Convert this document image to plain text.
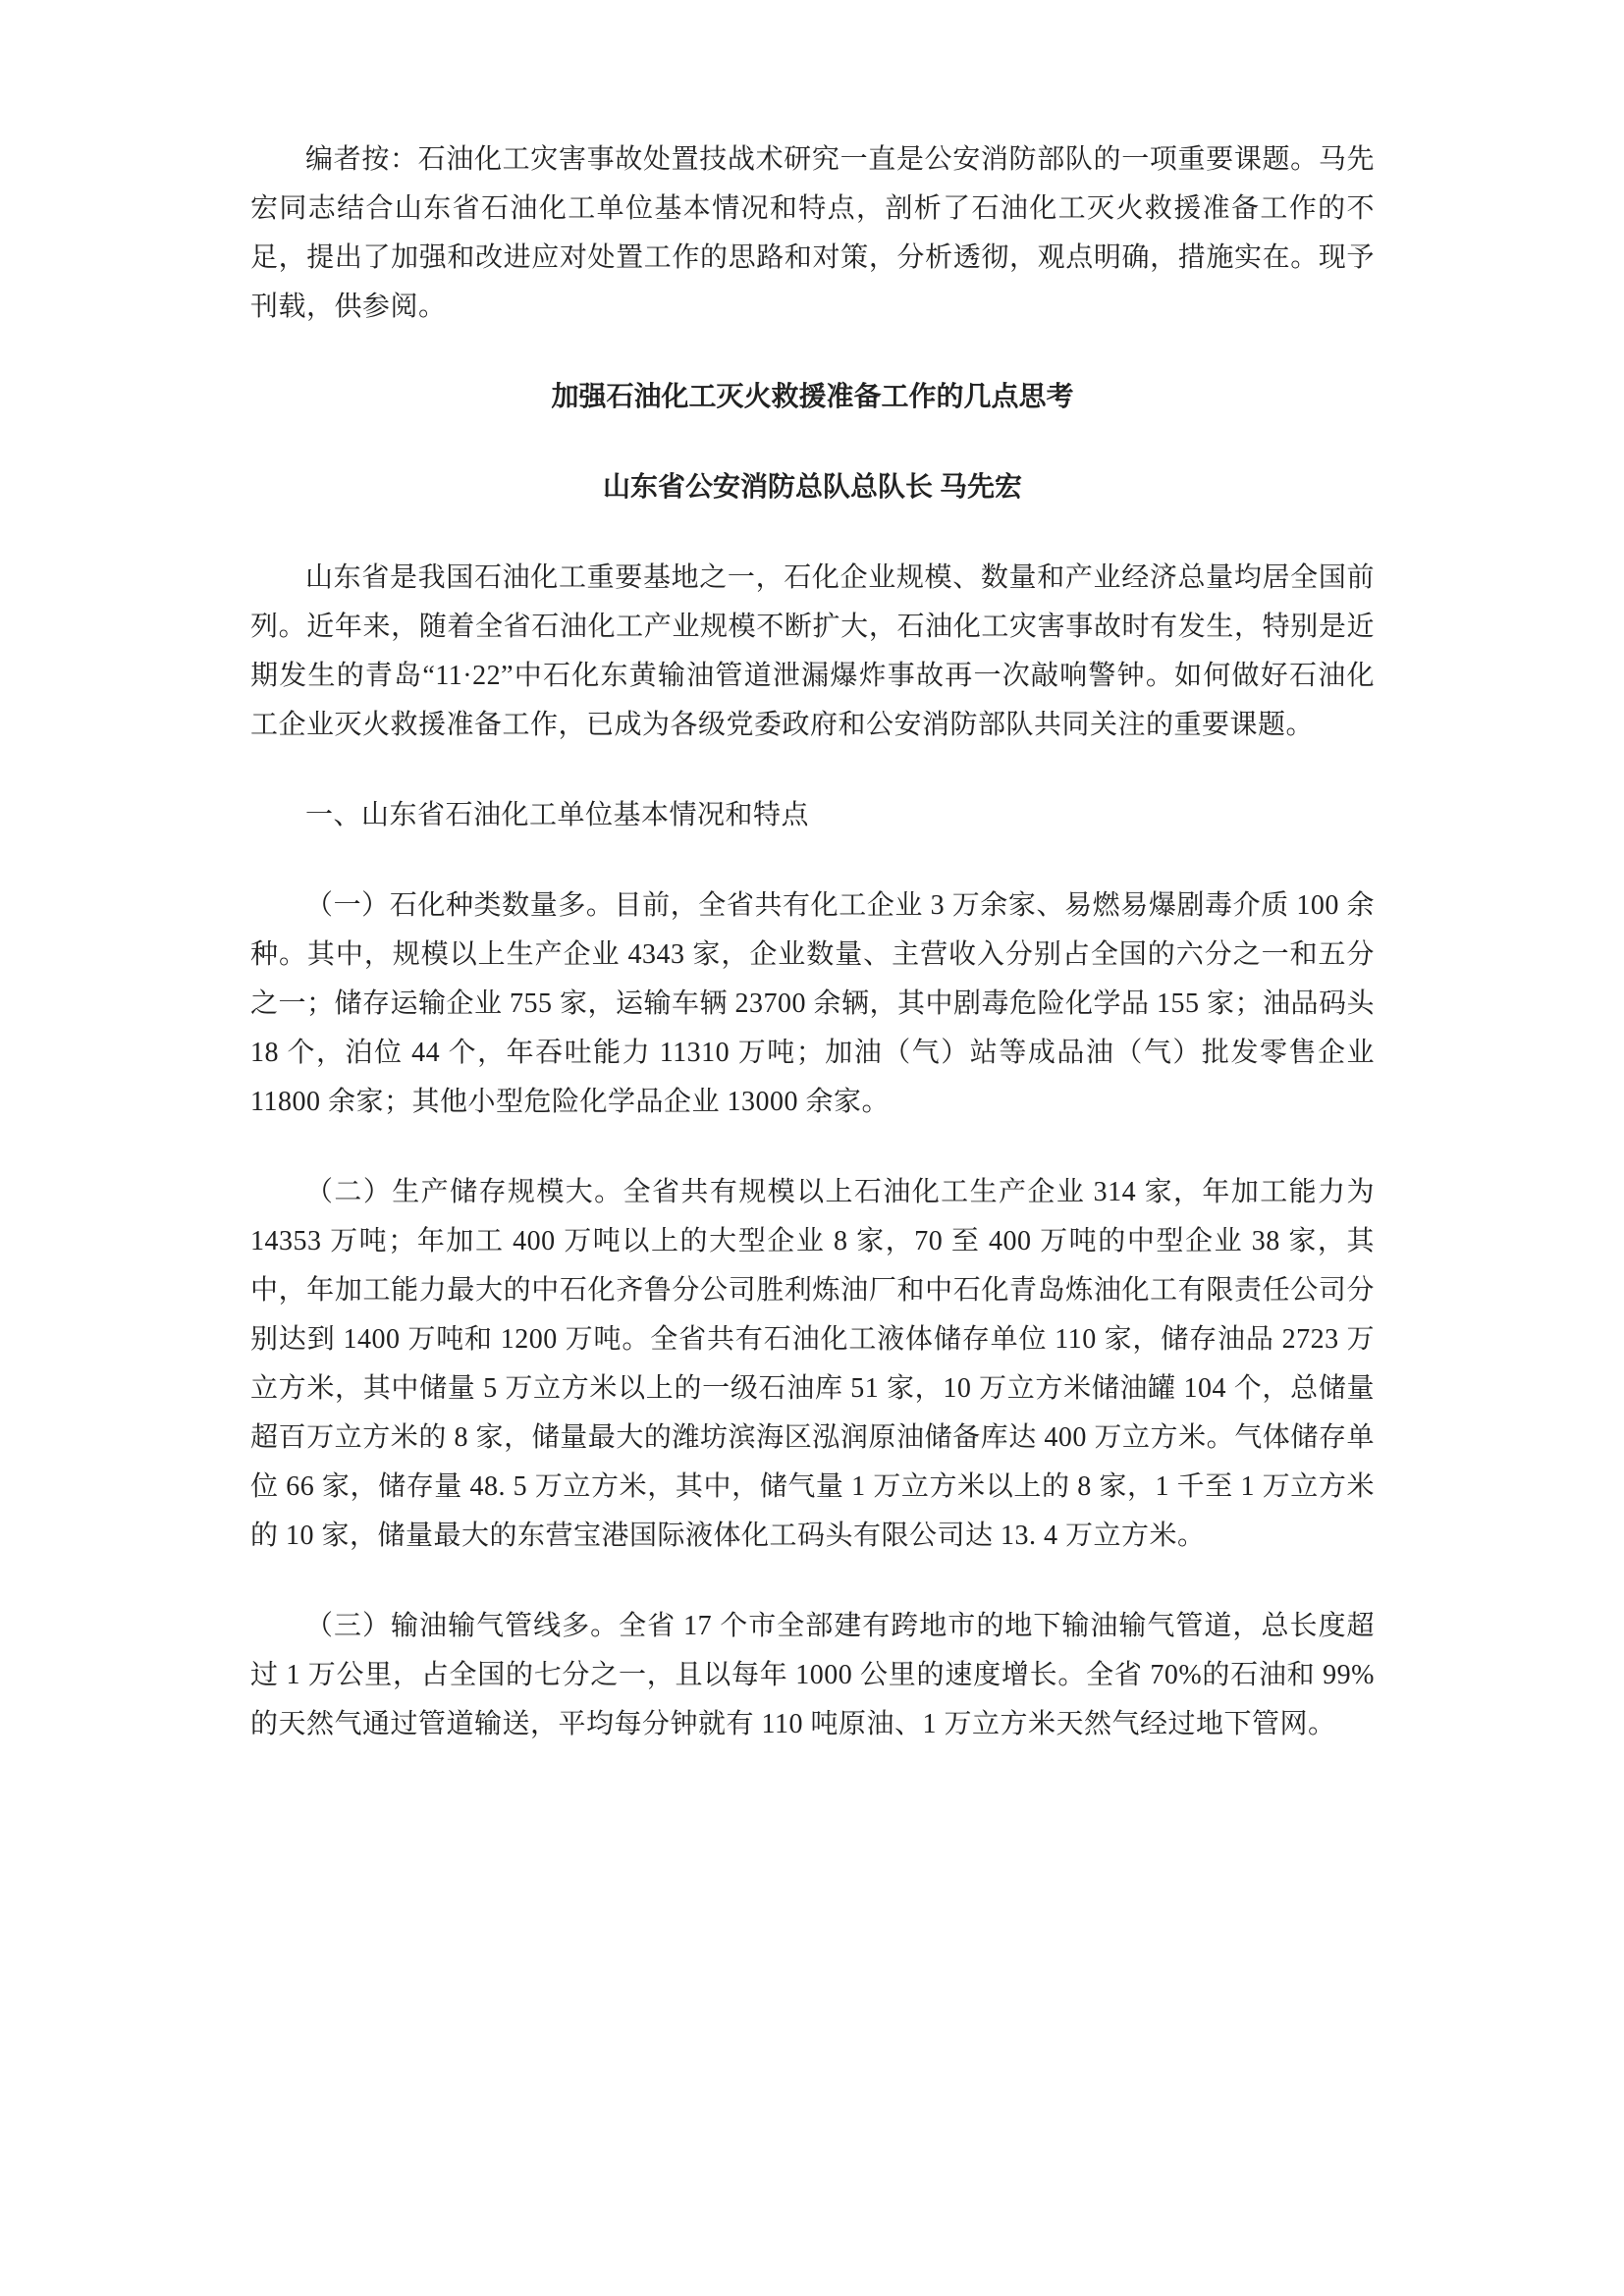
编者按：石油化工灾害事故处置技战术研究一直是公安消防部队的一项重要课题。马先宏同志结合山东省石油化工单位基本情况和特点，剖析了石油化工灭火救援准备工作的不足，提出了加强和改进应对处置工作的思路和对策，分析透彻，观点明确，措施实在。现予刊载，供参阅。

加强石油化工灭火救援准备工作的几点思考

山东省公安消防总队总队长 马先宏

山东省是我国石油化工重要基地之一，石化企业规模、数量和产业经济总量均居全国前列。近年来，随着全省石油化工产业规模不断扩大，石油化工灾害事故时有发生，特别是近期发生的青岛“11·22”中石化东黄输油管道泄漏爆炸事故再一次敲响警钟。如何做好石油化工企业灭火救援准备工作，已成为各级党委政府和公安消防部队共同关注的重要课题。

一、山东省石油化工单位基本情况和特点

（一）石化种类数量多。目前，全省共有化工企业 3 万余家、易燃易爆剧毒介质 100 余种。其中，规模以上生产企业 4343 家，企业数量、主营收入分别占全国的六分之一和五分之一；储存运输企业 755 家，运输车辆 23700 余辆，其中剧毒危险化学品 155 家；油品码头 18 个，泊位 44 个，年吞吐能力 11310 万吨；加油（气）站等成品油（气）批发零售企业 11800 余家；其他小型危险化学品企业 13000 余家。

（二）生产储存规模大。全省共有规模以上石油化工生产企业 314 家，年加工能力为 14353 万吨；年加工 400 万吨以上的大型企业 8 家，70 至 400 万吨的中型企业 38 家，其中，年加工能力最大的中石化齐鲁分公司胜利炼油厂和中石化青岛炼油化工有限责任公司分别达到 1400 万吨和 1200 万吨。全省共有石油化工液体储存单位 110 家，储存油品 2723 万立方米，其中储量 5 万立方米以上的一级石油库 51 家，10 万立方米储油罐 104 个，总储量超百万立方米的 8 家，储量最大的潍坊滨海区泓润原油储备库达 400 万立方米。气体储存单位 66 家，储存量 48. 5 万立方米，其中，储气量 1 万立方米以上的 8 家，1 千至 1 万立方米的 10 家，储量最大的东营宝港国际液体化工码头有限公司达 13. 4 万立方米。

（三）输油输气管线多。全省 17 个市全部建有跨地市的地下输油输气管道，总长度超过 1 万公里，占全国的七分之一，且以每年 1000 公里的速度增长。全省 70%的石油和 99%的天然气通过管道输送，平均每分钟就有 110 吨原油、1 万立方米天然气经过地下管网。
